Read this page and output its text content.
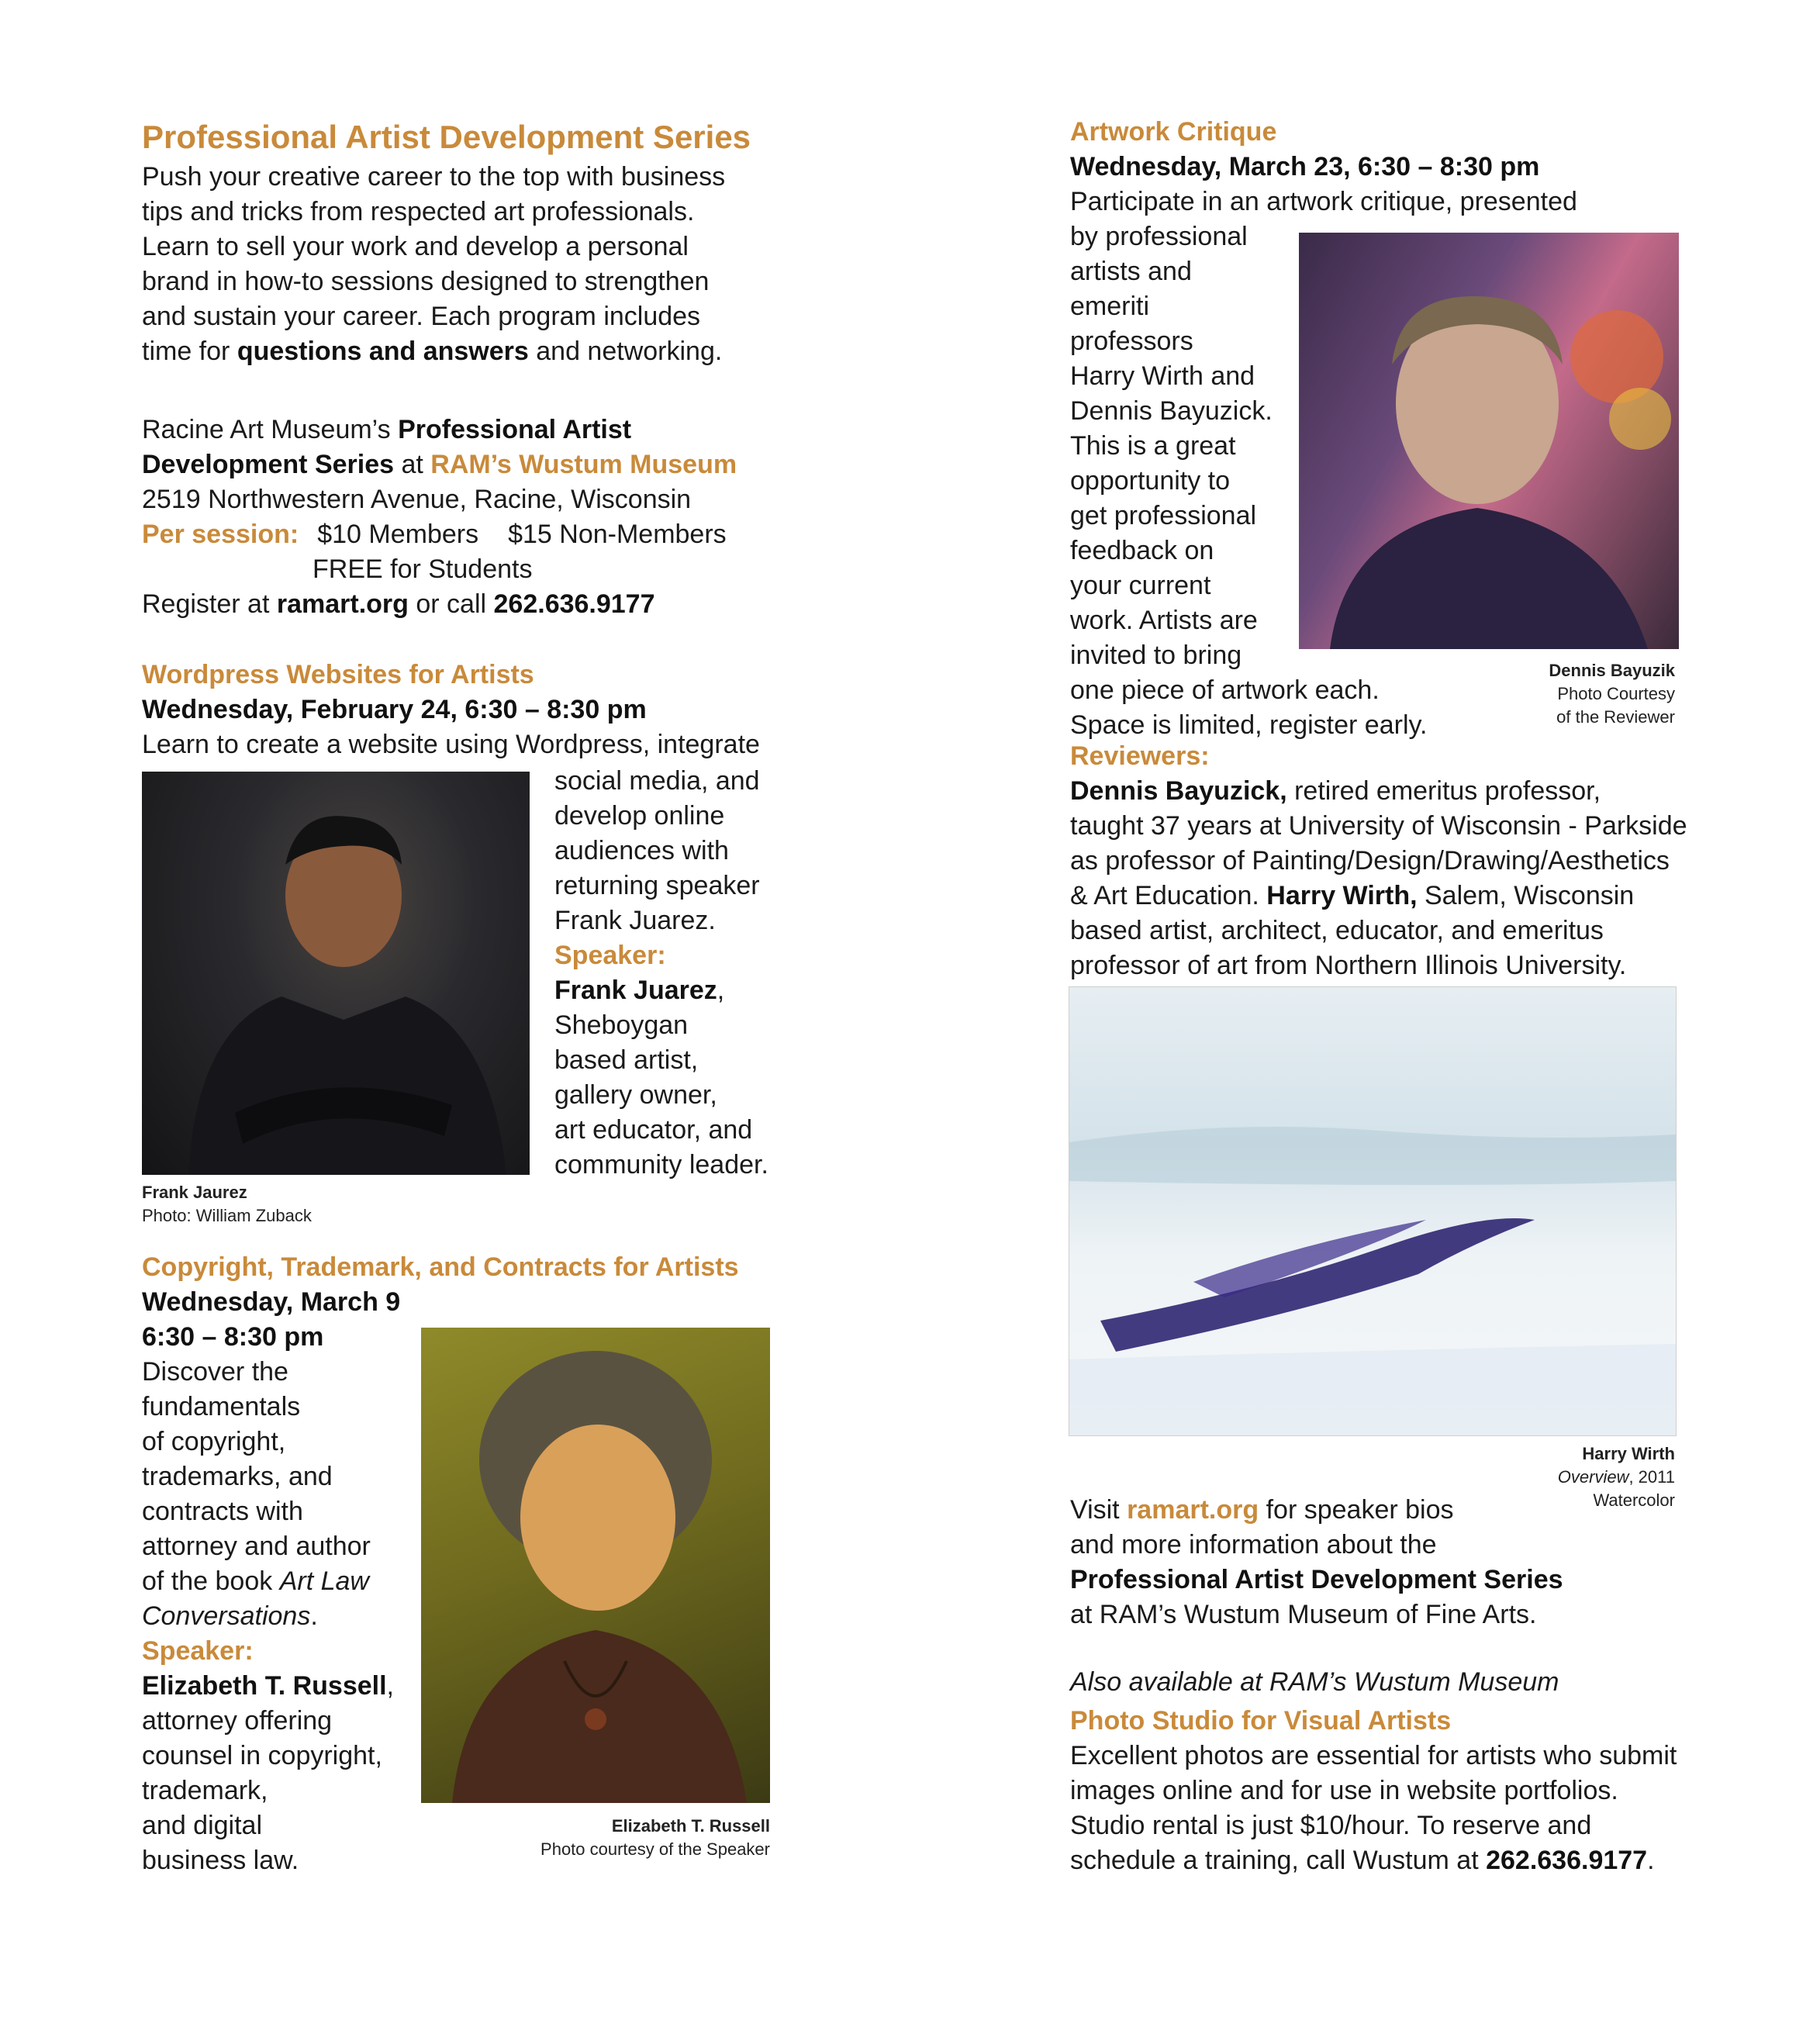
Professional Artist Development Series

Push your creative career to the top with business

tips and tricks from respected art professionals.

Learn to sell your work and develop a personal

brand in how-to sessions designed to strengthen

and sustain your career. Each program includes

time for questions and answers and networking.

Racine Art Museum’s Professional Artist

Development Series at RAM’s Wustum Museum

2519 Northwestern Avenue, Racine, Wisconsin

Per session: $10 Members $15 Non-Members

FREE for Students

Register at ramart.org or call 262.636.9177

Wordpress Websites for Artists
Wednesday, February 24, 6:30 – 8:30 pm
Learn to create a website using Wordpress, integrate

social media, and

develop online

audiences with

returning speaker

Frank Juarez.

Speaker:

Frank Juarez,

Sheboygan

based artist,

gallery owner,

art educator, and

community leader.

Frank Jaurez
Photo: William Zuback
Copyright, Trademark, and Contracts for Artists
Wednesday, March 9
6:30 – 8:30 pm

Discover the

fundamentals

of copyright,

trademarks, and

contracts with

attorney and author

of the book Art Law

Conversations.

Speaker:

Elizabeth T. Russell,

attorney offering

counsel in copyright,

trademark,

and digital

business law.

Elizabeth T. Russell
Photo courtesy of the Speaker
Artwork Critique
Wednesday, March 23, 6:30 – 8:30 pm
Participate in an artwork critique, presented

by professional

artists and

emeriti

professors

Harry Wirth and

Dennis Bayuzick.

This is a great

opportunity to

get professional

feedback on

your current

work. Artists are

invited to bring

one piece of artwork each.

Space is limited, register early.

Dennis Bayuzik
Photo Courtesy
of the Reviewer

Reviewers:

Dennis Bayuzick, retired emeritus professor,

taught 37 years at University of Wisconsin - Parkside

as professor of Painting/Design/Drawing/Aesthetics

& Art Education. Harry Wirth, Salem, Wisconsin

based artist, architect, educator, and emeritus

professor of art from Northern Illinois University.

Harry Wirth
Overview, 2011
Watercolor

Visit ramart.org for speaker bios

and more information about the

Professional Artist Development Series

at RAM’s Wustum Museum of Fine Arts.

Also available at RAM’s Wustum Museum
Photo Studio for Visual Artists

Excellent photos are essential for artists who submit

images online and for use in website portfolios.

Studio rental is just $10/hour. To reserve and

schedule a training, call Wustum at 262.636.9177.
